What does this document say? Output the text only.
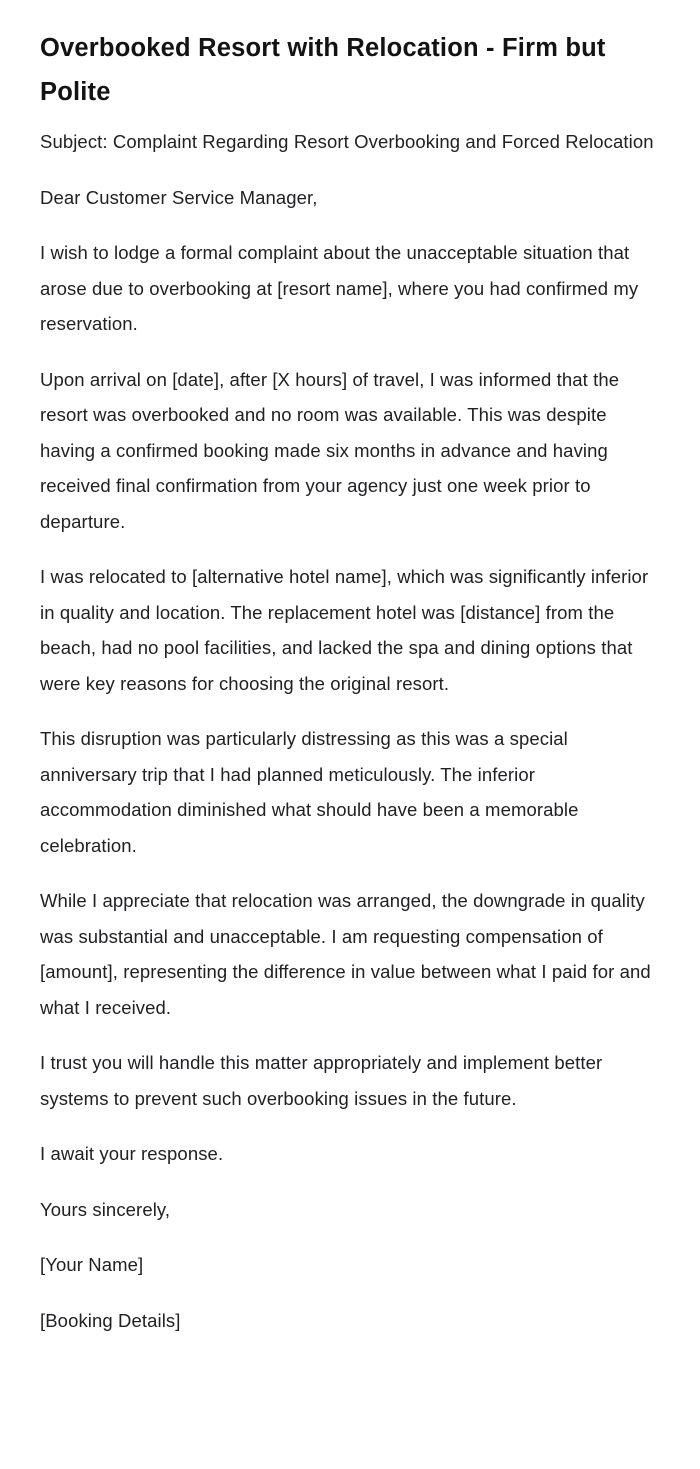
Overbooked Resort with Relocation - Firm but Polite

Subject: Complaint Regarding Resort Overbooking and Forced Relocation

Dear Customer Service Manager,

I wish to lodge a formal complaint about the unacceptable situation that arose due to overbooking at [resort name], where you had confirmed my reservation.

Upon arrival on [date], after [X hours] of travel, I was informed that the resort was overbooked and no room was available. This was despite having a confirmed booking made six months in advance and having received final confirmation from your agency just one week prior to departure.

I was relocated to [alternative hotel name], which was significantly inferior in quality and location. The replacement hotel was [distance] from the beach, had no pool facilities, and lacked the spa and dining options that were key reasons for choosing the original resort.

This disruption was particularly distressing as this was a special anniversary trip that I had planned meticulously. The inferior accommodation diminished what should have been a memorable celebration.

While I appreciate that relocation was arranged, the downgrade in quality was substantial and unacceptable. I am requesting compensation of [amount], representing the difference in value between what I paid for and what I received.

I trust you will handle this matter appropriately and implement better systems to prevent such overbooking issues in the future.

I await your response.

Yours sincerely,

[Your Name]

[Booking Details]
